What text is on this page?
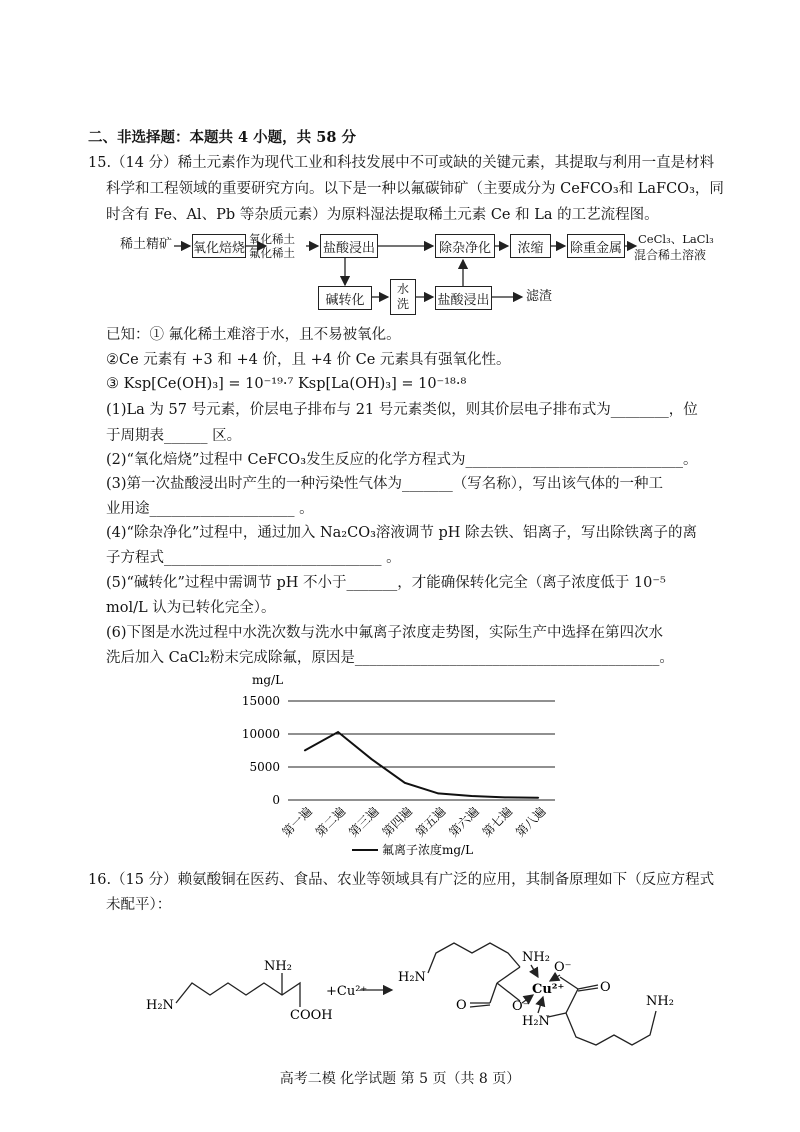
二、非选择题：本题共 4 小题，共 58 分
15.（14 分）稀土元素作为现代工业和科技发展中不可或缺的关键元素，其提取与利用一直是材料
科学和工程领域的重要研究方向。以下是一种以氟碳铈矿（主要成分为 CeFCO₃和 LaFCO₃，同
时含有 Fe、Al、Pb 等杂质元素）为原料湿法提取稀土元素 Ce 和 La 的工艺流程图。
稀土精矿 氧化焙烧
氧化稀土
氟化稀土 盐酸浸出	除杂净化	浓缩	除重金属
CeCl₃、LaCl₃
混合稀土溶液
碱转化
水
洗 盐酸浸出	滤渣
已知：① 氟化稀土难溶于水，且不易被氧化。
②Ce 元素有 +3 和 +4 价，且 +4 价 Ce 元素具有强氧化性。
③ Ksp[Ce(OH)₃] = 10⁻¹⁹·⁷ Ksp[La(OH)₃] = 10⁻¹⁸·⁸
(1)La 为 57 号元素，价层电子排布与 21 号元素类似，则其价层电子排布式为________，位
于周期表______ 区。
(2)“氧化焙烧”过程中 CeFCO₃发生反应的化学方程式为______________________________。
(3)第一次盐酸浸出时产生的一种污染性气体为_______（写名称），写出该气体的一种工
业用途____________________ 。
(4)“除杂净化”过程中，通过加入 Na₂CO₃溶液调节 pH 除去铁、铝离子，写出除铁离子的离
子方程式______________________________ 。
(5)“碱转化”过程中需调节 pH 不小于_______，才能确保转化完全（离子浓度低于 10⁻⁵
mol/L 认为已转化完全）。
(6)下图是水洗过程中水洗次数与洗水中氟离子浓度走势图，实际生产中选择在第四次水
洗后加入 CaCl₂粉末完成除氟，原因是__________________________________________。
mg/L
0
5000
10000
15000
第一遍
第二遍
第三遍
第四遍
第五遍
第六遍
第七遍
第八遍
氟离子浓度mg/L
16.（15 分）赖氨酸铜在医药、食品、农业等领域具有广泛的应用，其制备原理如下（反应方程式
未配平）：
NH₂
H₂N
COOH
+Cu²⁺
H₂N
NH₂
O	O⁻
Cu²⁺
O⁻
O
H₂N
NH₂
高考二模 化学试题 第 5 页（共 8 页）
